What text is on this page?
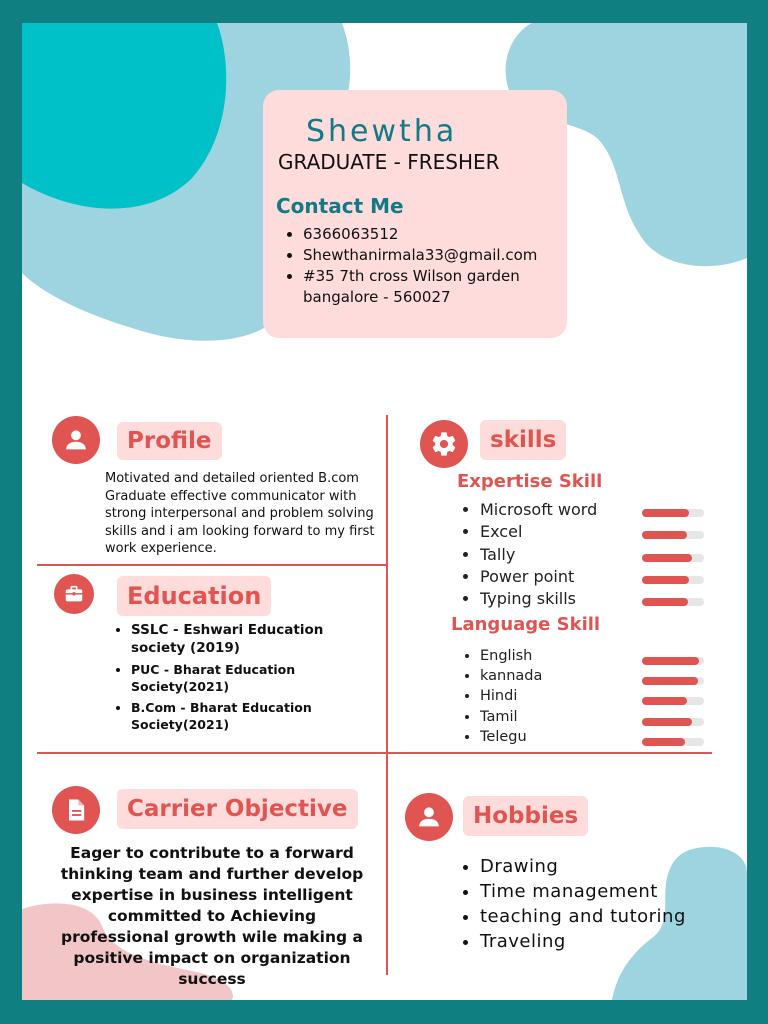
Shewtha
GRADUATE - FRESHER
Contact Me
• 6366063512
• Shewthanirmala33@gmail.com
• #35 7th cross Wilson garden bangalore - 560027
Profile
Motivated and detailed oriented B.com Graduate effective communicator with strong interpersonal and problem solving skills and i am looking forward to my first work experience.
Education
• SSLC - Eshwari Education society (2019)
• PUC - Bharat Education Society(2021)
• B.Com - Bharat Education Society(2021)
skills
Expertise Skill
• Microsoft word
• Excel
• Tally
• Power point
• Typing skills
Language Skill
• English
• kannada
• Hindi
• Tamil
• Telegu
Carrier Objective
Eager to contribute to a forward thinking team and further develop expertise in business intelligent committed to Achieving professional growth wile making a positive impact on organization success
Hobbies
• Drawing
• Time management
• teaching and tutoring
• Traveling
